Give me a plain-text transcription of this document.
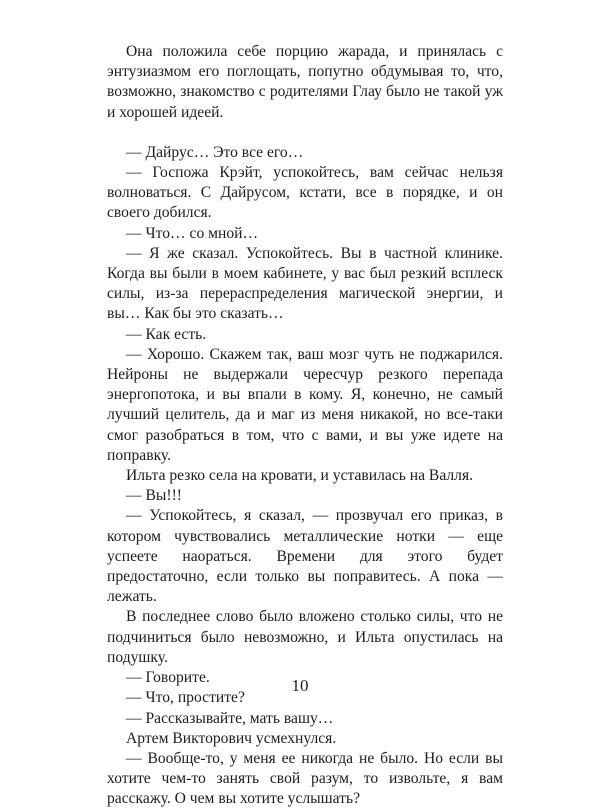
Она положила себе порцию жарада, и принялась с энтузиазмом его поглощать, попутно обдумывая то, что, возможно, знакомство с родителями Глау было не такой уж и хорошей идеей.

— Дайрус… Это все его…

— Госпожа Крэйт, успокойтесь, вам сейчас нельзя волноваться. С Дайрусом, кстати, все в порядке, и он своего добился.

— Что… со мной…

— Я же сказал. Успокойтесь. Вы в частной клинике. Когда вы были в моем кабинете, у вас был резкий всплеск силы, из-за перераспределения магической энергии, и вы… Как бы это сказать…

— Как есть.

— Хорошо. Скажем так, ваш мозг чуть не поджарился. Нейроны не выдержали чересчур резкого перепада энергопотока, и вы впали в кому. Я, конечно, не самый лучший целитель, да и маг из меня никакой, но все-таки смог разобраться в том, что с вами, и вы уже идете на поправку.

Ильта резко села на кровати, и уставилась на Валля.

— Вы!!!

— Успокойтесь, я сказал, — прозвучал его приказ, в котором чувствовались металлические нотки — еще успеете наораться. Времени для этого будет предостаточно, если только вы поправитесь. А пока — лежать.

В последнее слово было вложено столько силы, что не подчиниться было невозможно, и Ильта опустилась на подушку.

— Говорите.

— Что, простите?

— Рассказывайте, мать вашу…

Артем Викторович усмехнулся.

— Вообще-то, у меня ее никогда не было. Но если вы хотите чем-то занять свой разум, то извольте, я вам расскажу. О чем вы хотите услышать?

10
